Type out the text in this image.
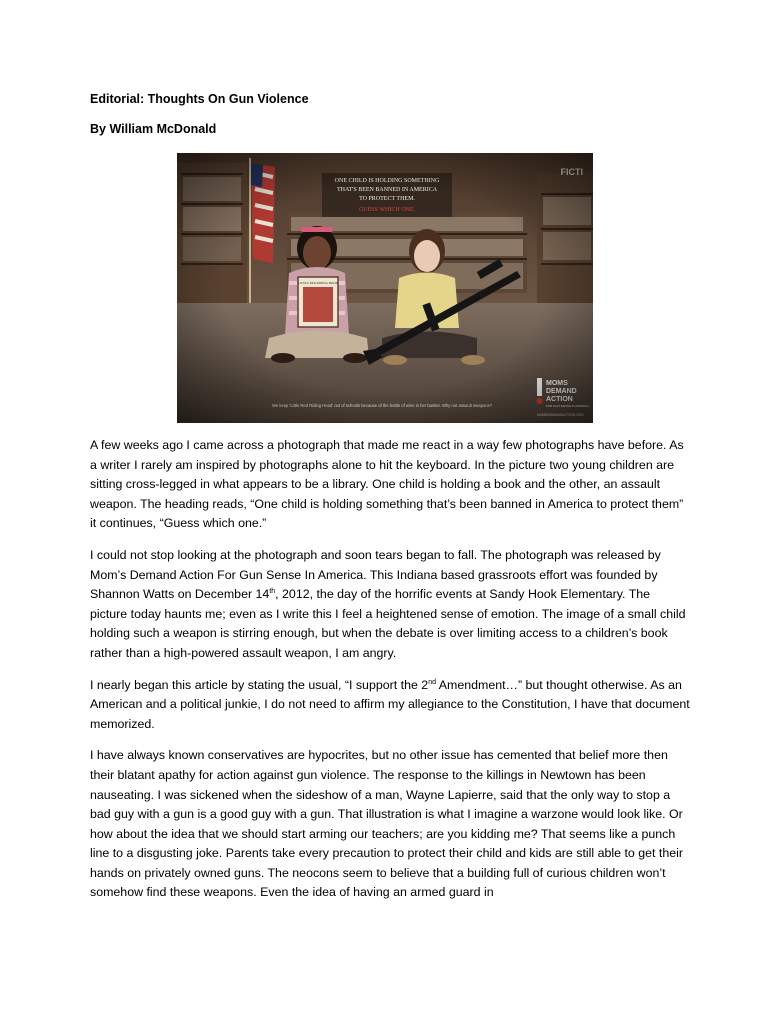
Editorial: Thoughts On Gun Violence
By William McDonald

A few weeks ago I came across a photograph that made me react in a way few photographs have before. As a writer I rarely am inspired by photographs alone to hit the keyboard. In the picture two young children are sitting cross-legged in what appears to be a library. One child is holding a book and the other, an assault weapon. The heading reads, “One child is holding something that’s been banned in America to protect them” it continues, “Guess which one.”

I could not stop looking at the photograph and soon tears began to fall. The photograph was released by Mom’s Demand Action For Gun Sense In America. This Indiana based grassroots effort was founded by Shannon Watts on December 14th, 2012, the day of the horrific events at Sandy Hook Elementary. The picture today haunts me; even as I write this I feel a heightened sense of emotion. The image of a small child holding such a weapon is stirring enough, but when the debate is over limiting access to a children’s book rather than a high-powered assault weapon, I am angry.

I nearly began this article by stating the usual, “I support the 2nd Amendment…” but thought otherwise. As an American and a political junkie, I do not need to affirm my allegiance to the Constitution, I have that document memorized.

I have always known conservatives are hypocrites, but no other issue has cemented that belief more then their blatant apathy for action against gun violence. The response to the killings in Newtown has been nauseating. I was sickened when the sideshow of a man, Wayne Lapierre, said that the only way to stop a bad guy with a gun is a good guy with a gun. That illustration is what I imagine a warzone would look like. Or how about the idea that we should start arming our teachers; are you kidding me? That seems like a punch line to a disgusting joke. Parents take every precaution to protect their child and kids are still able to get their hands on privately owned guns. The neocons seem to believe that a building full of curious children won’t somehow find these weapons. Even the idea of having an armed guard in
